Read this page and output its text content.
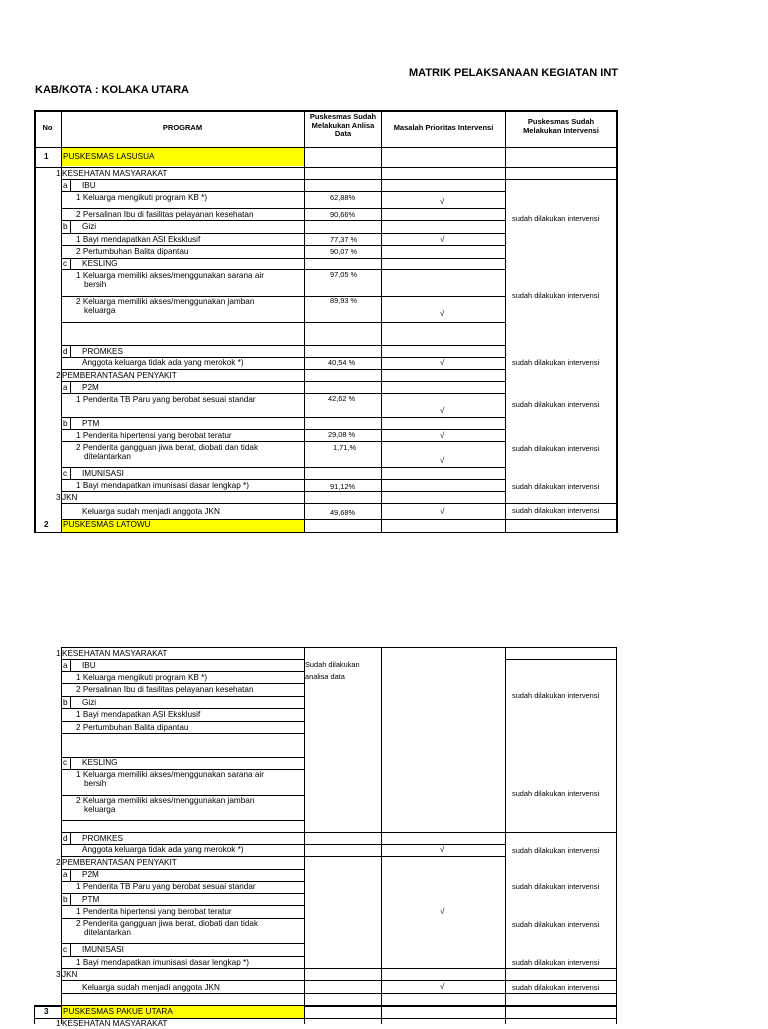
MATRIK PELAKSANAAN KEGIATAN INT
KAB/KOTA : KOLAKA UTARA
No	PROGRAM
Puskesmas Sudah Melakukan Anlisa Data
Masalah Prioritas Intervensi
Puskesmas Sudah Melakukan Intervensi
1 PUSKESMAS LASUSUA
1 KESEHATAN MASYARAKAT
a IBU
1 Keluarga mengikuti program KB *)
2 Persalinan Ibu di fasilitas pelayanan kesehatan
b Gizi
1 Bayi mendapatkan ASI Eksklusif
2 Pertumbuhan Balita dipantau
c KESLING
1 Keluarga memiliki akses/menggunakan sarana air
bersih
2 Keluarga memiliki akses/menggunakan jamban
keluarga
d PROMKES
Anggota keluarga tidak ada yang merokok *)
2 PEMBERANTASAN PENYAKIT
a P2M
1 Penderita TB Paru yang berobat sesuai standar
b PTM
1 Penderita hipertensi yang berobat teratur
2 Penderita gangguan jiwa berat, diobati dan tidak
ditelantarkan
c IMUNISASI
1 Bayi mendapatkan imunisasi dasar lengkap *)
3 JKN
Keluarga sudah menjadi anggota JKN
62,88%
90,66%
77,37 %
90,07 %
97,05 %
89,93 %
40,54 %
42,62 %
29,08 %
1,71,%
91,12%
49,68%
√
√
√
√
√
√
√
√
sudah dilakukan intervensi
sudah dilakukan intervensi
sudah dilakukan intervensi
sudah dilakukan intervensi
sudah dilakukan intervensi
sudah dilakukan intervensi
sudah dilakukan intervensi
2 PUSKESMAS LATOWU
1 KESEHATAN MASYARAKAT
a IBU
1 Keluarga mengikuti program KB *)
2 Persalinan Ibu di fasilitas pelayanan kesehatan
b Gizi
1 Bayi mendapatkan ASI Eksklusif
2 Pertumbuhan Balita dipantau
c KESLING
1 Keluarga memiliki akses/menggunakan sarana air
bersih
2 Keluarga memiliki akses/menggunakan jamban
keluarga
d PROMKES
Anggota keluarga tidak ada yang merokok *)
2 PEMBERANTASAN PENYAKIT
a P2M
1 Penderita TB Paru yang berobat sesuai standar
b PTM
1 Penderita hipertensi yang berobat teratur
2 Penderita gangguan jiwa berat, diobati dan tidak
ditelantarkan
c IMUNISASI
1 Bayi mendapatkan imunisasi dasar lengkap *)
3 JKN
Keluarga sudah menjadi anggota JKN
Sudah dilakukan
analisa data
√
√
√
sudah dilakukan intervensi
sudah dilakukan intervensi
sudah dilakukan intervensi
sudah dilakukan intervensi
sudah dilakukan intervensi
sudah dilakukan intervensi
sudah dilakukan intervensi
3 PUSKESMAS PAKUE UTARA
1 KESEHATAN MASYARAKAT
